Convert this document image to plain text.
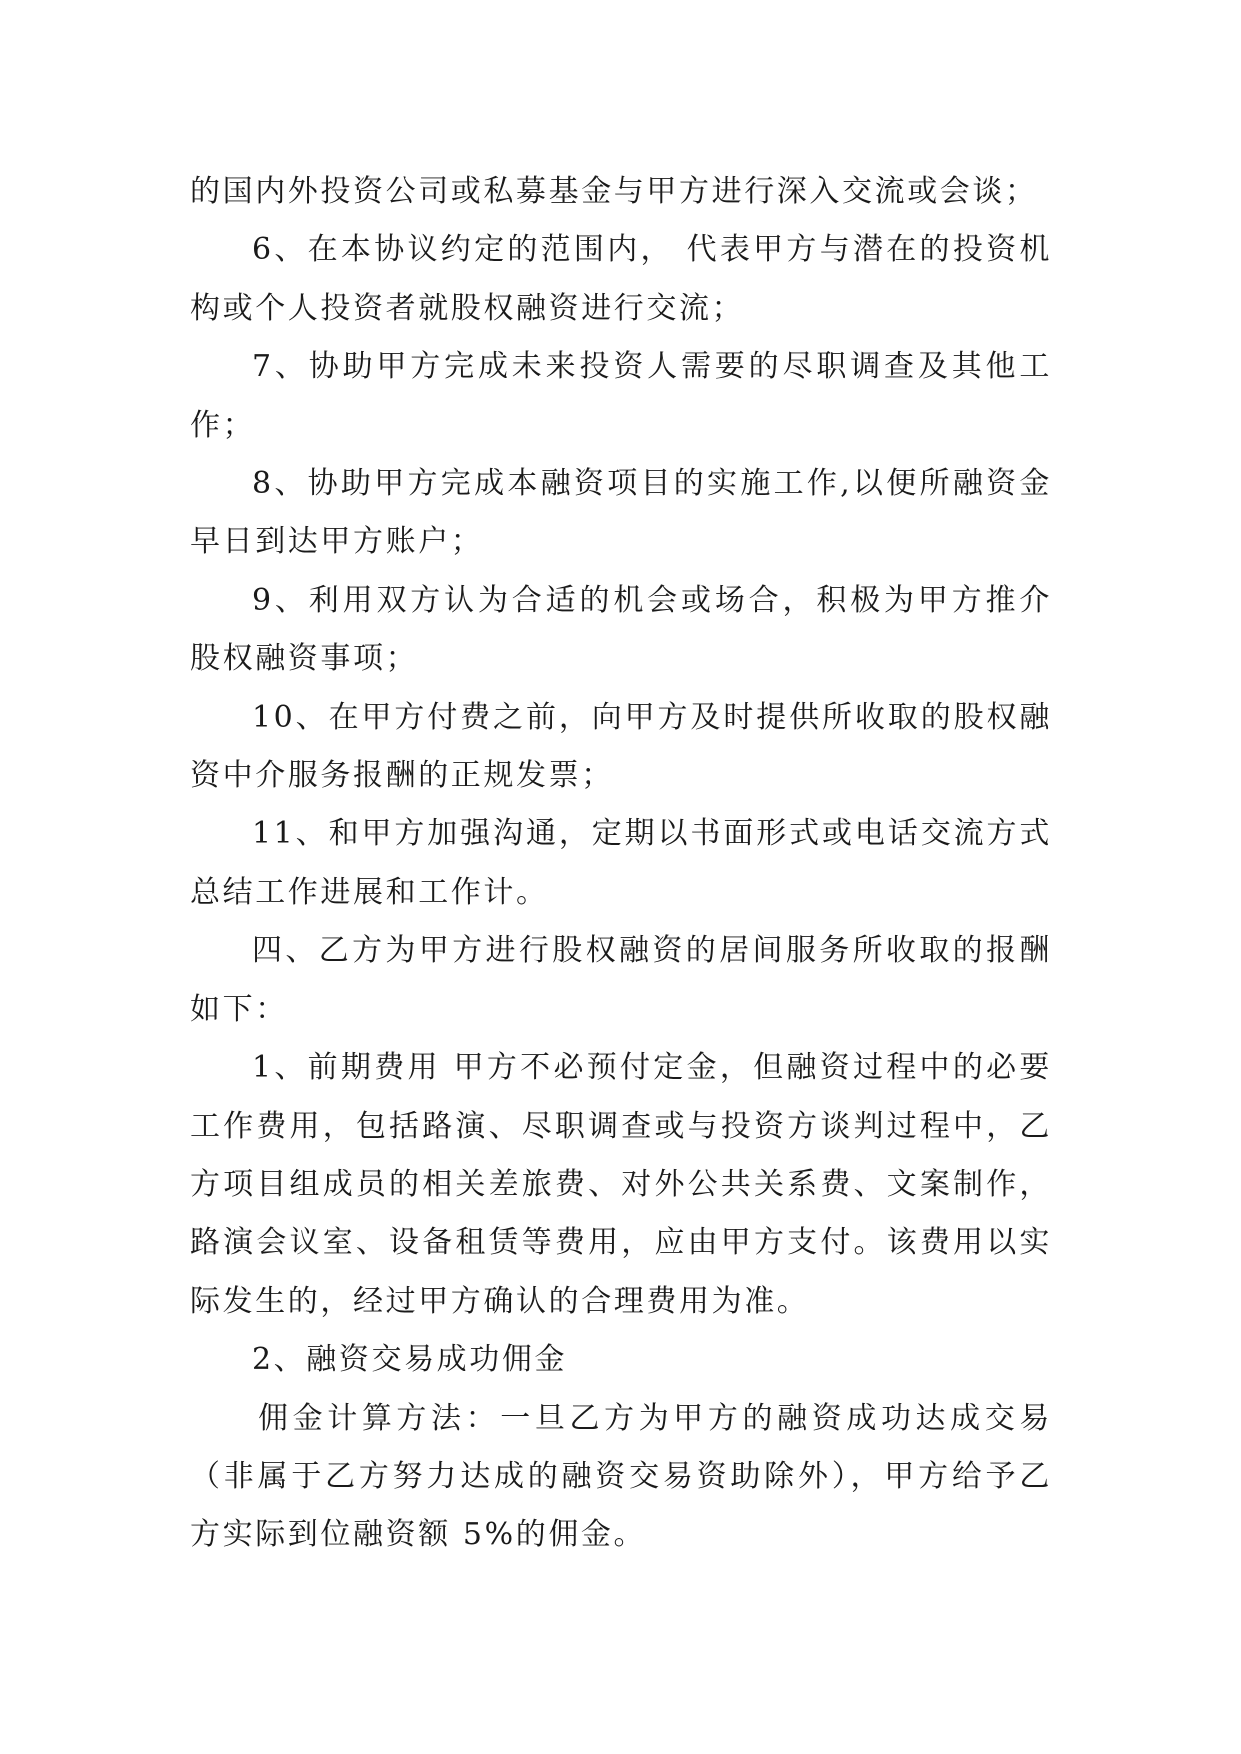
的国内外投资公司或私募基金与甲方进行深入交流或会谈；

6、在本协议约定的范围内， 代表甲方与潜在的投资机构或个人投资者就股权融资进行交流；

7、协助甲方完成未来投资人需要的尽职调查及其他工作；

8、协助甲方完成本融资项目的实施工作,以便所融资金早日到达甲方账户；

9、利用双方认为合适的机会或场合，积极为甲方推介股权融资事项；

10、在甲方付费之前，向甲方及时提供所收取的股权融资中介服务报酬的正规发票；

11、和甲方加强沟通，定期以书面形式或电话交流方式总结工作进展和工作计。

四、乙方为甲方进行股权融资的居间服务所收取的报酬如下：

1、前期费用 甲方不必预付定金，但融资过程中的必要工作费用，包括路演、尽职调查或与投资方谈判过程中，乙方项目组成员的相关差旅费、对外公共关系费、文案制作，路演会议室、设备租赁等费用，应由甲方支付。该费用以实际发生的，经过甲方确认的合理费用为准。

2、融资交易成功佣金

佣金计算方法：一旦乙方为甲方的融资成功达成交易（非属于乙方努力达成的融资交易资助除外），甲方给予乙方实际到位融资额 5%的佣金。
